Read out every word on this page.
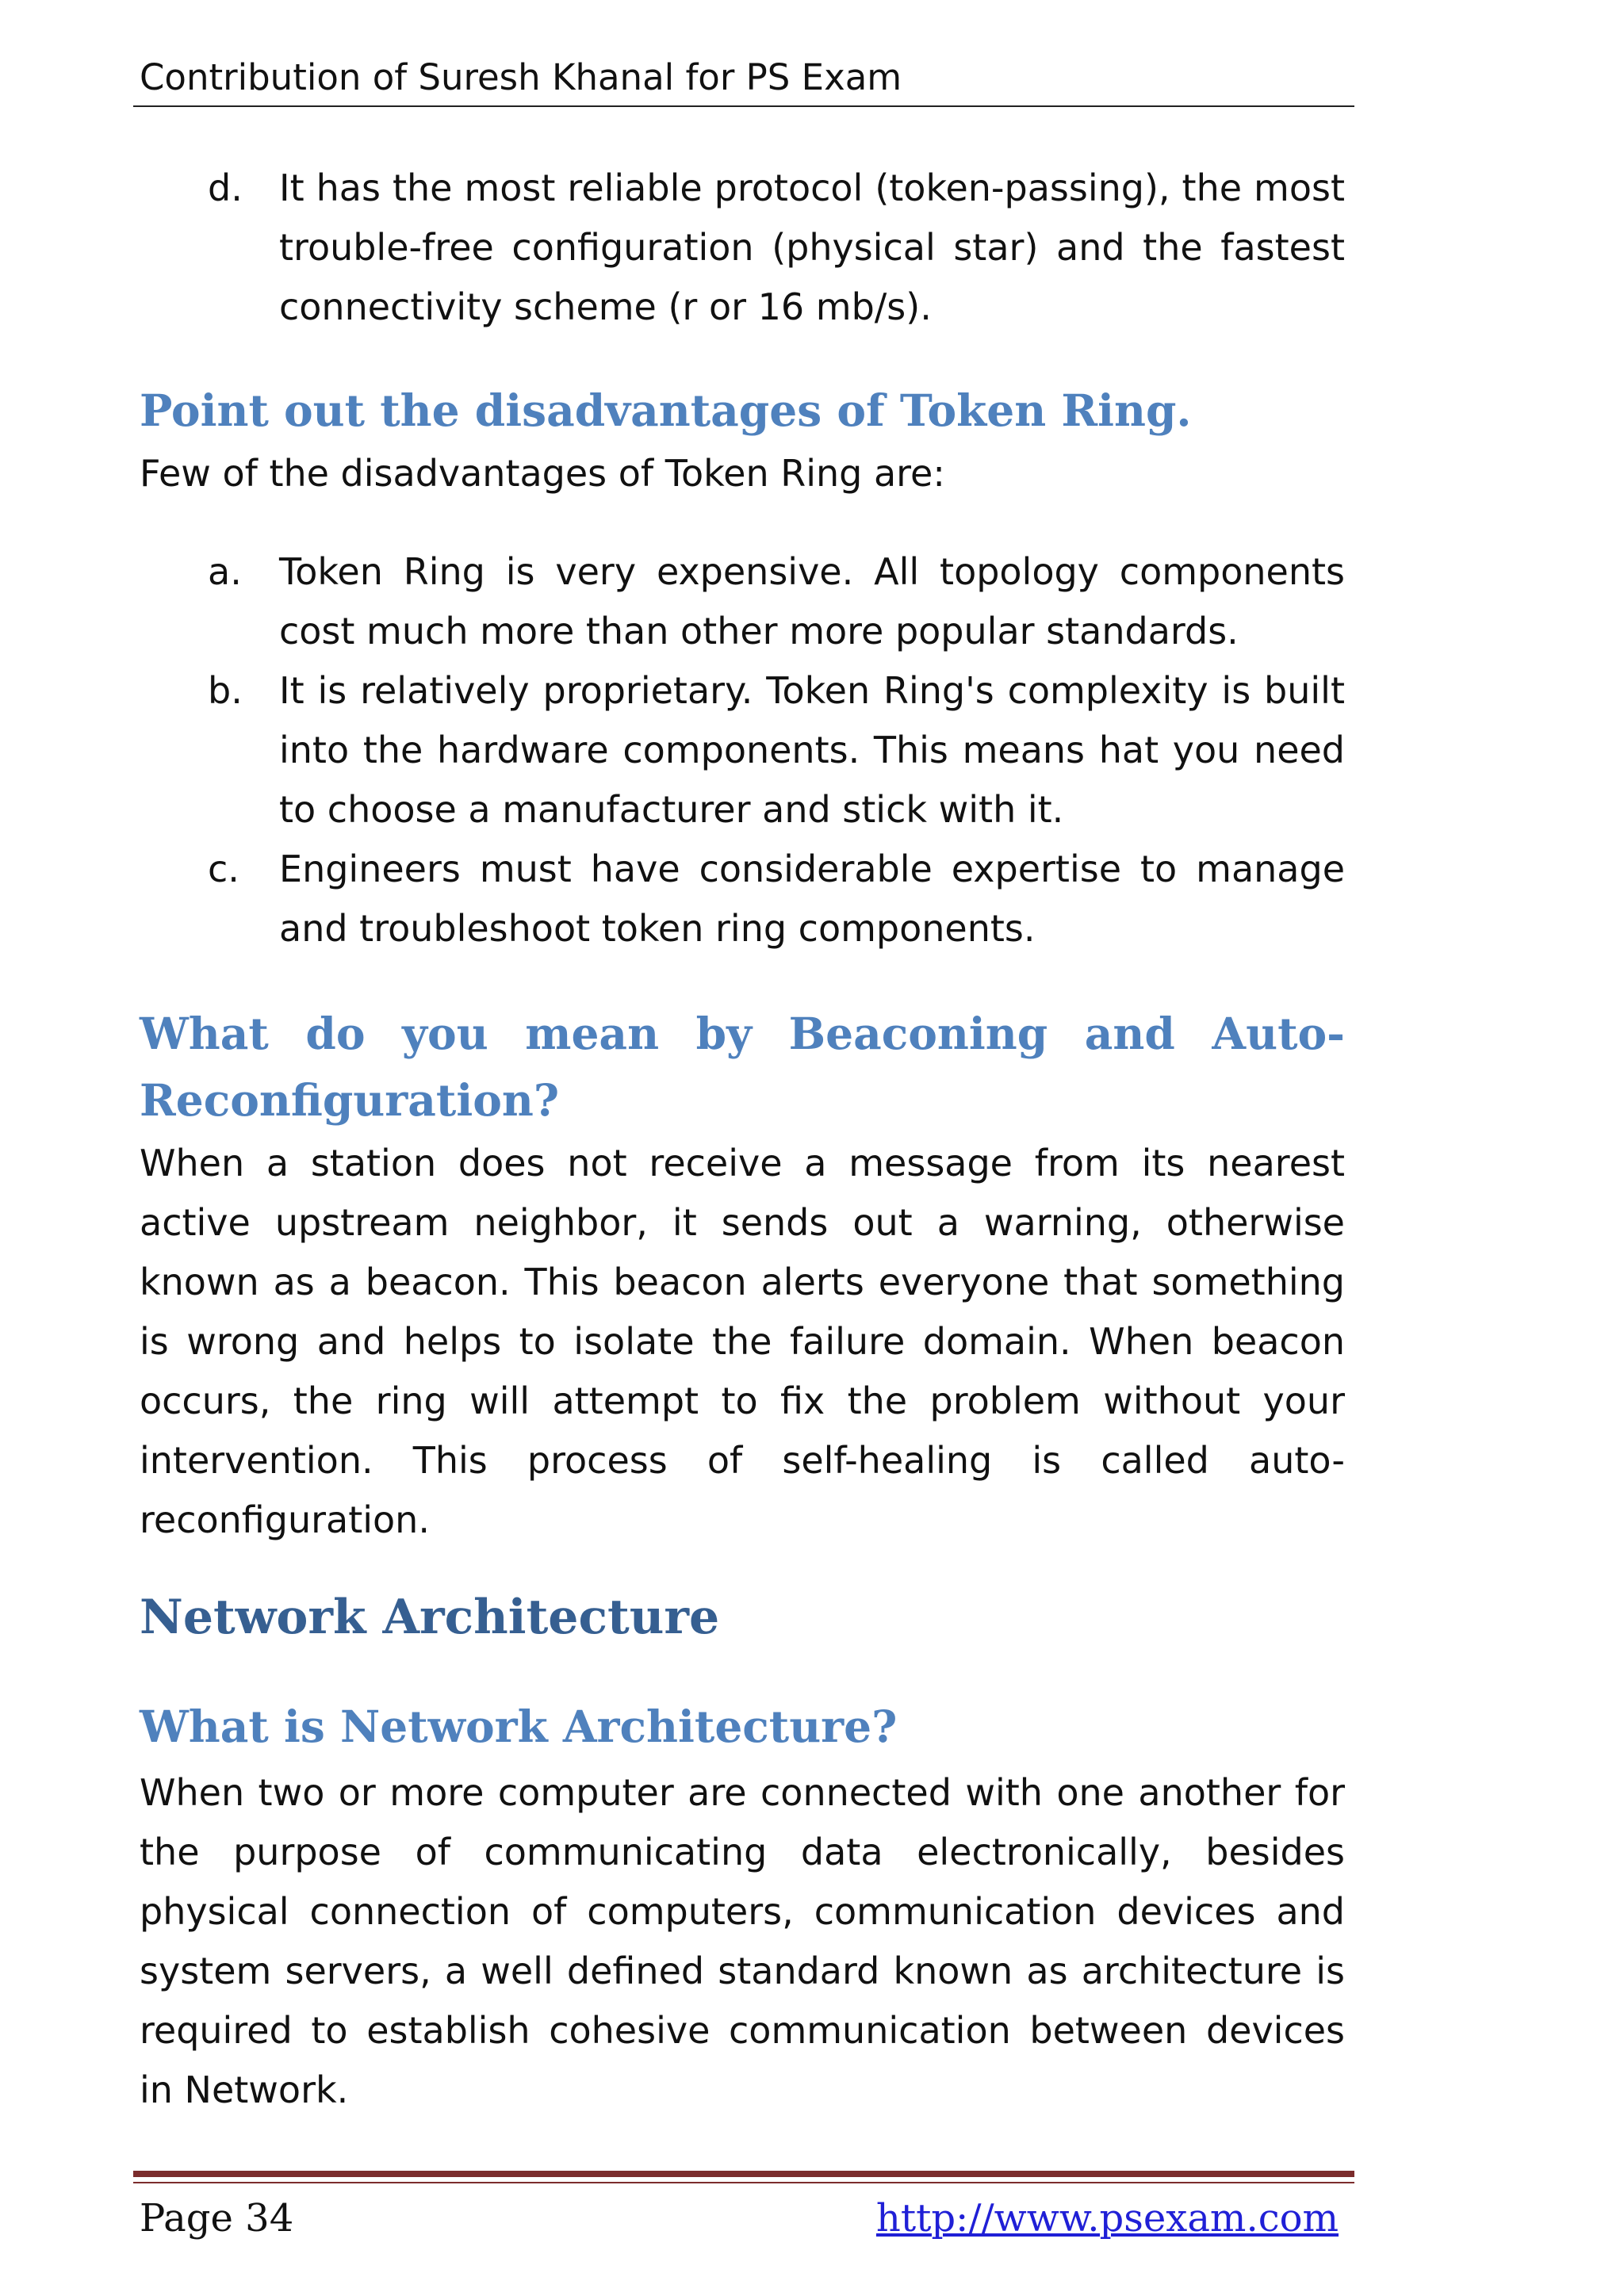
Contribution of Suresh Khanal for PS Exam
d. It has the most reliable protocol (token-passing), the most trouble-free configuration (physical star) and the fastest connectivity scheme (r or 16 mb/s).
Point out the disadvantages of Token Ring.

Few of the disadvantages of Token Ring are:

a. Token Ring is very expensive. All topology components cost much more than other more popular standards.
b. It is relatively proprietary. Token Ring's complexity is built into the hardware components. This means hat you need to choose a manufacturer and stick with it.
c. Engineers must have considerable expertise to manage and troubleshoot token ring components.
What do you mean by Beaconing and Auto-
Reconfiguration?

When a station does not receive a message from its nearest active upstream neighbor, it sends out a warning, otherwise known as a beacon. This beacon alerts everyone that something is wrong and helps to isolate the failure domain. When beacon occurs, the ring will attempt to fix the problem without your intervention. This process of self-healing is called auto-reconfiguration.

Network Architecture
What is Network Architecture?

When two or more computer are connected with one another for the purpose of communicating data electronically, besides physical connection of computers, communication devices and system servers, a well defined standard known as architecture is required to establish cohesive communication between devices in Network.

Page 34	http://www.psexam.com
